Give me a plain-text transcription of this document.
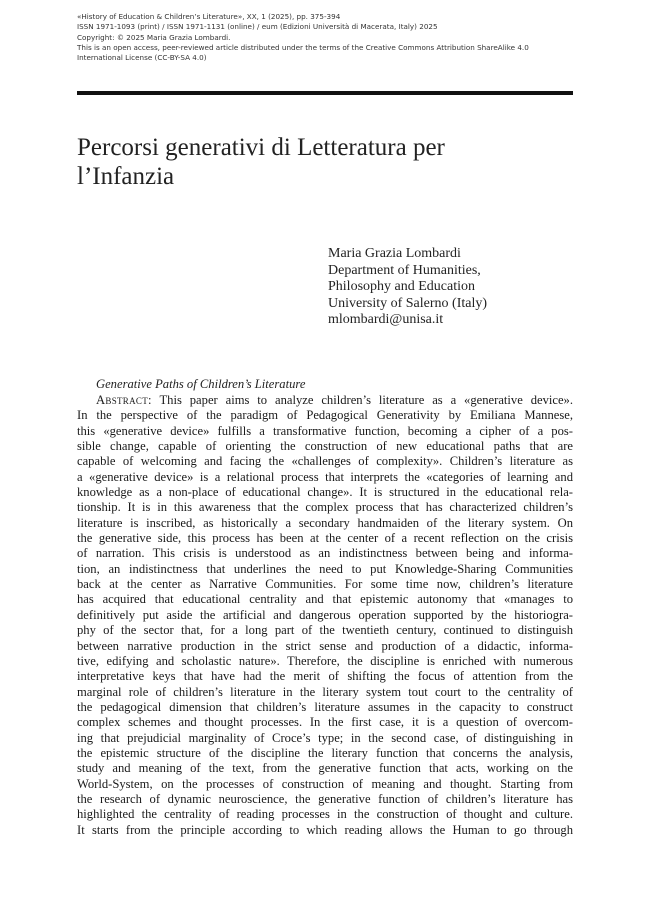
«History of Education & Children’s Literature», XX, 1 (2025), pp. 375-394
ISSN 1971-1093 (print) / ISSN 1971-1131 (online) / eum (Edizioni Università di Macerata, Italy) 2025
Copyright: © 2025 Maria Grazia Lombardi.
This is an open access, peer-reviewed article distributed under the terms of the Creative Commons Attribution ShareAlike 4.0
International License (CC-BY-SA 4.0)
Percorsi generativi di Letteratura per
l’Infanzia
Maria Grazia Lombardi
Department of Humanities,
Philosophy and Education
University of Salerno (Italy)
mlombardi@unisa.it
Generative Paths of Children’s Literature
Abstract: This paper aims to analyze children’s literature as a «generative device».
In the perspective of the paradigm of Pedagogical Generativity by Emiliana Mannese,
this «generative device» fulfills a transformative function, becoming a cipher of a pos-
sible change, capable of orienting the construction of new educational paths that are
capable of welcoming and facing the «challenges of complexity». Children’s literature as
a «generative device» is a relational process that interprets the «categories of learning and
knowledge as a non-place of educational change». It is structured in the educational rela-
tionship. It is in this awareness that the complex process that has characterized children’s
literature is inscribed, as historically a secondary handmaiden of the literary system. On
the generative side, this process has been at the center of a recent reflection on the crisis
of narration. This crisis is understood as an indistinctness between being and informa-
tion, an indistinctness that underlines the need to put Knowledge-Sharing Communities
back at the center as Narrative Communities. For some time now, children’s literature
has acquired that educational centrality and that epistemic autonomy that «manages to
definitively put aside the artificial and dangerous operation supported by the historiogra-
phy of the sector that, for a long part of the twentieth century, continued to distinguish
between narrative production in the strict sense and production of a didactic, informa-
tive, edifying and scholastic nature». Therefore, the discipline is enriched with numerous
interpretative keys that have had the merit of shifting the focus of attention from the
marginal role of children’s literature in the literary system tout court to the centrality of
the pedagogical dimension that children’s literature assumes in the capacity to construct
complex schemes and thought processes. In the first case, it is a question of overcom-
ing that prejudicial marginality of Croce’s type; in the second case, of distinguishing in
the epistemic structure of the discipline the literary function that concerns the analysis,
study and meaning of the text, from the generative function that acts, working on the
World-System, on the processes of construction of meaning and thought. Starting from
the research of dynamic neuroscience, the generative function of children’s literature has
highlighted the centrality of reading processes in the construction of thought and culture.
It starts from the principle according to which reading allows the Human to go through
